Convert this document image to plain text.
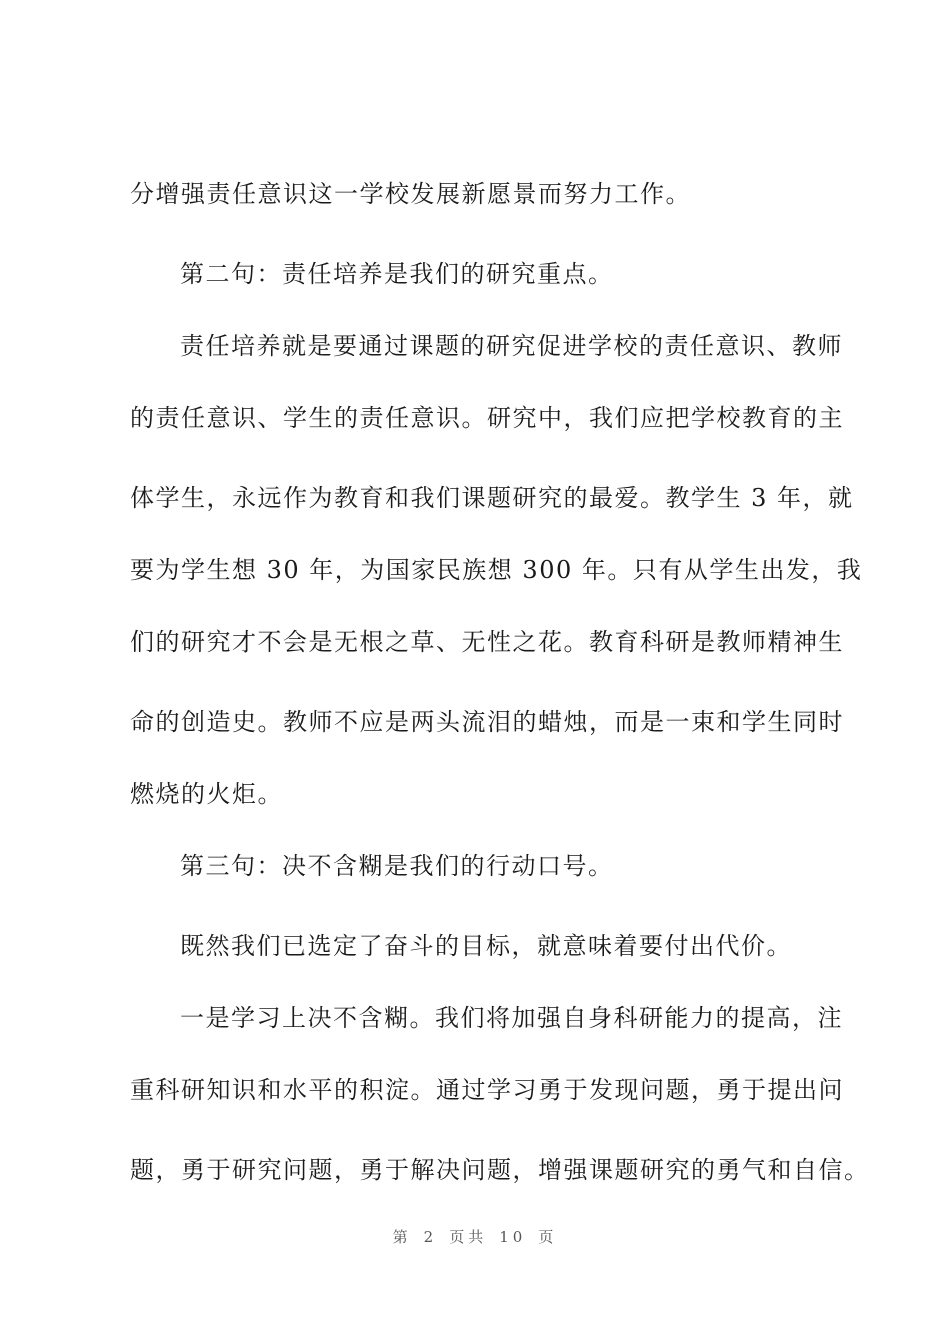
分增强责任意识这一学校发展新愿景而努力工作。
第二句：责任培养是我们的研究重点。
责任培养就是要通过课题的研究促进学校的责任意识、教师
的责任意识、学生的责任意识。研究中，我们应把学校教育的主
体学生，永远作为教育和我们课题研究的最爱。教学生 3 年，就
要为学生想 30 年，为国家民族想 300 年。只有从学生出发，我
们的研究才不会是无根之草、无性之花。教育科研是教师精神生
命的创造史。教师不应是两头流泪的蜡烛，而是一束和学生同时
燃烧的火炬。
第三句：决不含糊是我们的行动口号。
既然我们已选定了奋斗的目标，就意味着要付出代价。
一是学习上决不含糊。我们将加强自身科研能力的提高，注
重科研知识和水平的积淀。通过学习勇于发现问题，勇于提出问
题，勇于研究问题，勇于解决问题，增强课题研究的勇气和自信。
第 2 页共 10 页
